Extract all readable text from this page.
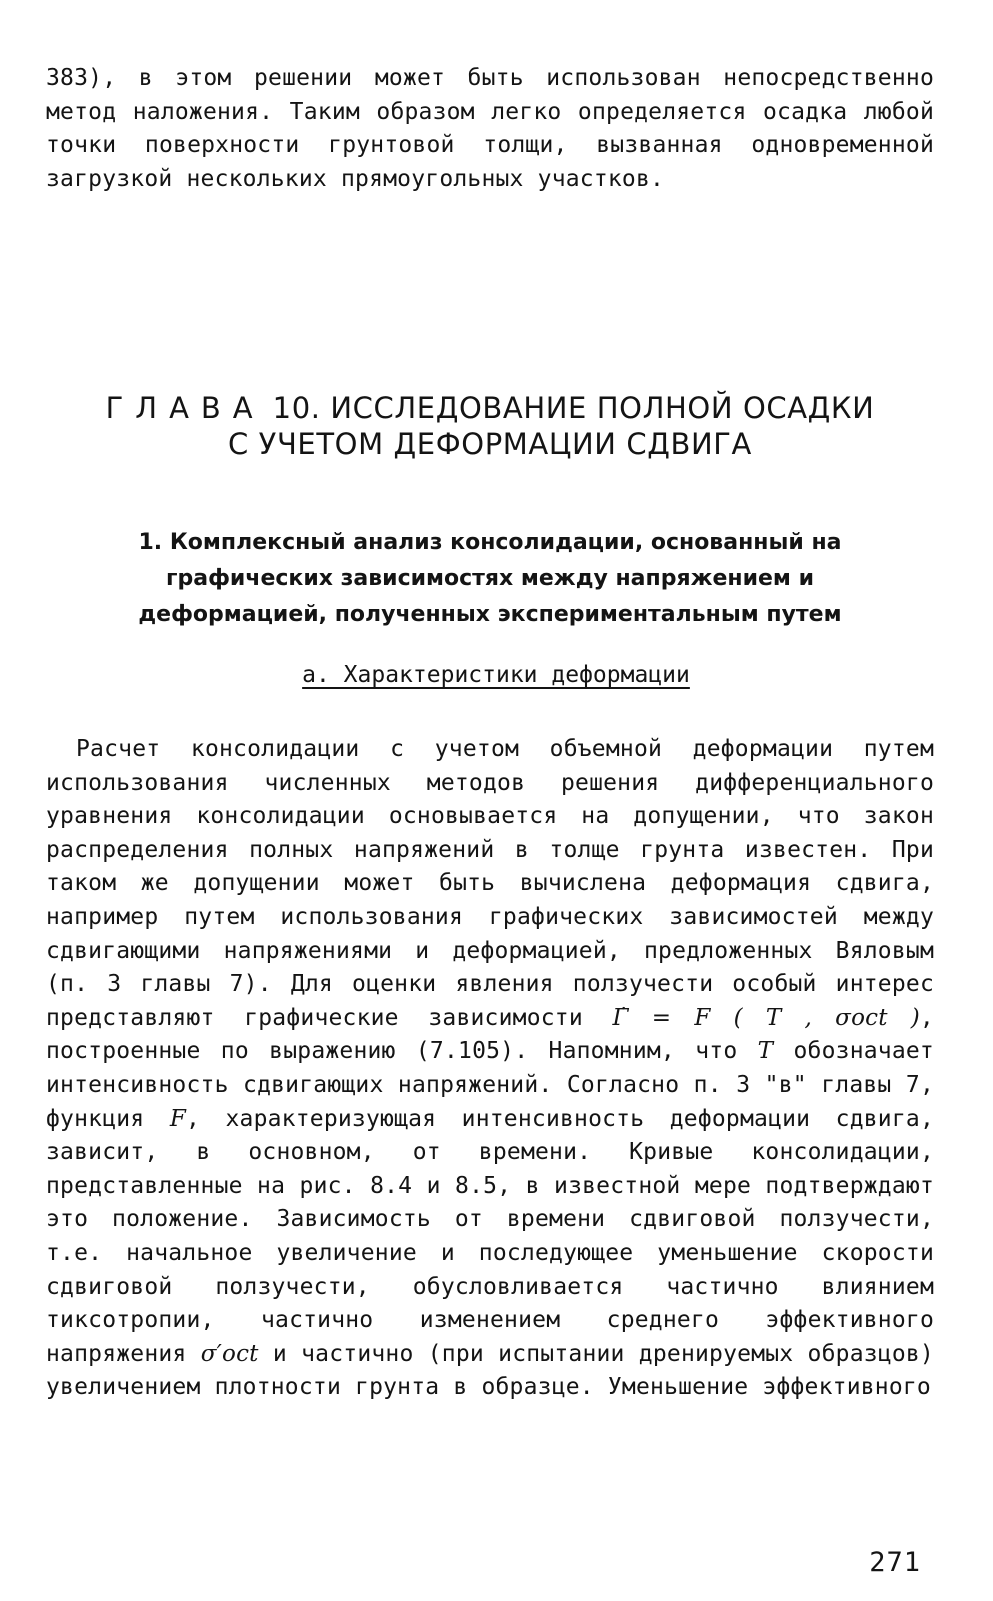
383), в этом решении может быть использован непосредственно метод наложения. Таким образом легко определяется осадка любой точки поверхности грунтовой толщи, вызванная одновременной загрузкой нескольких прямоугольных участков.
ГЛАВА 10. ИССЛЕДОВАНИЕ ПОЛНОЙ ОСАДКИ
С УЧЕТОМ ДЕФОРМАЦИИ СДВИГА
1. Комплексный анализ консолидации, основанный на
графических зависимостях между напряжением и
деформацией, полученных экспериментальным путем
а. Характеристики деформации
Расчет консолидации с учетом объемной деформации путем использования численных методов решения дифференциального уравнения консолидации основывается на допущении, что закон распределения полных напряжений в толще грунта известен. При таком же допущении может быть вычислена деформация сдвига, например путем использования графических зависимостей между сдвигающими напряжениями и деформацией, предложенных Вяловым (п. 3 главы 7). Для оценки явления ползучести особый интерес представляют графические зависимости Γ̇ = F ( T , σoct ), построенные по выражению (7.105). Напомним, что T обозначает интенсивность сдвигающих напряжений. Согласно п. 3 "в" главы 7, функция F, характеризующая интенсивность деформации сдвига, зависит, в основном, от времени. Кривые консолидации, представленные на рис. 8.4 и 8.5, в известной мере подтверждают это положение. Зависимость от времени сдвиговой ползучести, т.е. начальное увеличение и последующее уменьшение скорости сдвиговой ползучести, обусловливается частично влиянием тиксотропии, частично изменением среднего эффективного напряжения σ′oct и частично (при испытании дренируемых образцов) увеличением плотности грунта в образце. Уменьшение эффективного
271
